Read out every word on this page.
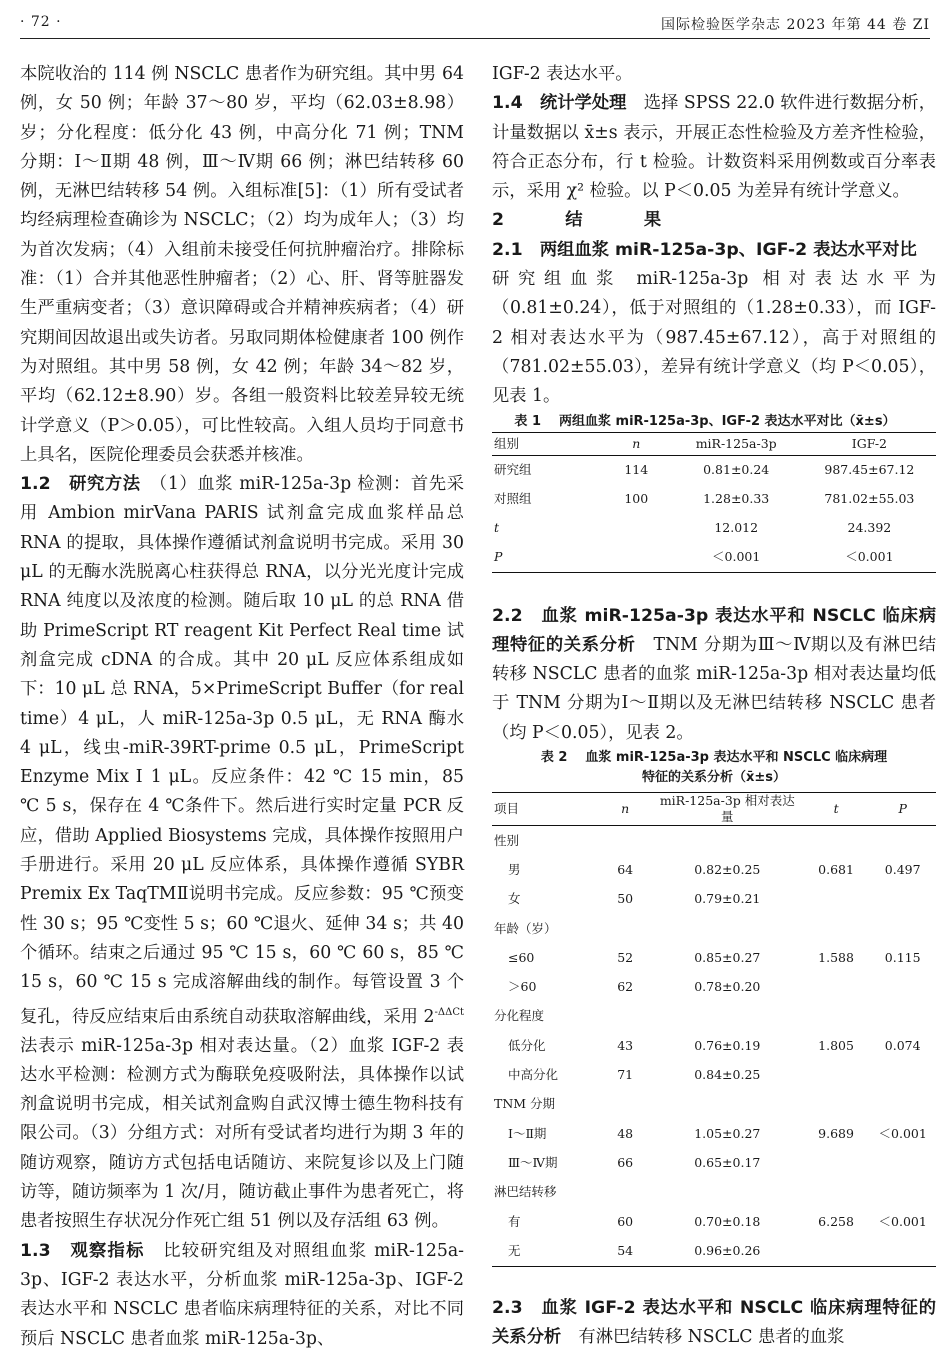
· 72 ·	国际检验医学杂志 2023 年第 44 卷 ZⅠ

本院收治的 114 例 NSCLC 患者作为研究组。其中男 64 例，女 50 例；年龄 37～80 岁，平均（62.03±8.98）岁；分化程度：低分化 43 例，中高分化 71 例；TNM 分期：Ⅰ～Ⅱ期 48 例，Ⅲ～Ⅳ期 66 例；淋巴结转移 60 例，无淋巴结转移 54 例。入组标准[5]：（1）所有受试者均经病理检查确诊为 NSCLC；（2）均为成年人；（3）均为首次发病；（4）入组前未接受任何抗肿瘤治疗。排除标准：（1）合并其他恶性肿瘤者；（2）心、肝、肾等脏器发生严重病变者；（3）意识障碍或合并精神疾病者；（4）研究期间因故退出或失访者。另取同期体检健康者 100 例作为对照组。其中男 58 例，女 42 例；年龄 34～82 岁，平均（62.12±8.90）岁。各组一般资料比较差异较无统计学意义（P＞0.05），可比性较高。入组人员均于同意书上具名，医院伦理委员会获悉并核准。

1.2　研究方法　（1）血浆 miR-125a-3p 检测：首先采用 Ambion mirVana PARIS 试剂盒完成血浆样品总 RNA 的提取，具体操作遵循试剂盒说明书完成。采用 30 μL 的无酶水洗脱离心柱获得总 RNA，以分光光度计完成 RNA 纯度以及浓度的检测。随后取 10 μL 的总 RNA 借助 PrimeScript RT reagent Kit Perfect Real time 试剂盒完成 cDNA 的合成。其中 20 μL 反应体系组成如下：10 μL 总 RNA，5×PrimeScript Buffer（for real time）4 μL，人 miR-125a-3p 0.5 μL，无 RNA 酶水 4 μL，线虫-miR-39RT-prime 0.5 μL，PrimeScript Enzyme Mix Ⅰ 1 μL。反应条件：42 ℃ 15 min，85 ℃ 5 s，保存在 4 ℃条件下。然后进行实时定量 PCR 反应，借助 Applied Biosystems 完成，具体操作按照用户手册进行。采用 20 μL 反应体系，具体操作遵循 SYBR Premix Ex TaqTMⅡ说明书完成。反应参数：95 ℃预变性 30 s；95 ℃变性 5 s；60 ℃退火、延伸 34 s；共 40 个循环。结束之后通过 95 ℃ 15 s，60 ℃ 60 s，85 ℃ 15 s，60 ℃ 15 s 完成溶解曲线的制作。每管设置 3 个复孔，待反应结束后由系统自动获取溶解曲线，采用 $2^{-\Delta\Delta Ct}$ 法表示 miR-125a-3p 相对表达量。（2）血浆 IGF-2 表达水平检测：检测方式为酶联免疫吸附法，具体操作以试剂盒说明书完成，相关试剂盒购自武汉博士德生物科技有限公司。（3）分组方式：对所有受试者均进行为期 3 年的随访观察，随访方式包括电话随访、来院复诊以及上门随访等，随访频率为 1 次/月，随访截止事件为患者死亡，将患者按照生存状况分作死亡组 51 例以及存活组 63 例。

1.3　观察指标　比较研究组及对照组血浆 miR-125a-3p、IGF-2 表达水平，分析血浆 miR-125a-3p、IGF-2 表达水平和 NSCLC 患者临床病理特征的关系，对比不同预后 NSCLC 患者血浆 miR-125a-3p、

IGF-2 表达水平。

1.4　统计学处理　选择 SPSS 22.0 软件进行数据分析，计量数据以 x̄±s 表示，开展正态性检验及方差齐性检验，符合正态分布，行 t 检验。计数资料采用例数或百分率表示，采用 χ² 检验。以 P＜0.05 为差异有统计学意义。

2　结　果

2.1　两组血浆 miR-125a-3p、IGF-2 表达水平对比

研究组血浆 miR-125a-3p 相对表达水平为（0.81±0.24），低于对照组的（1.28±0.33），而 IGF-2 相对表达水平为（987.45±67.12），高于对照组的（781.02±55.03），差异有统计学意义（均 P＜0.05），见表 1。

表 1 两组血浆 miR-125a-3p、IGF-2 表达水平对比（x̄±s）

组别	n	miR-125a-3p	IGF-2
研究组	114	0.81±0.24	987.45±67.12
对照组	100	1.28±0.33	781.02±55.03
t		12.012	24.392
P		＜0.001	＜0.001

2.2　血浆 miR-125a-3p 表达水平和 NSCLC 临床病理特征的关系分析　TNM 分期为Ⅲ～Ⅳ期以及有淋巴结转移 NSCLC 患者的血浆 miR-125a-3p 相对表达量均低于 TNM 分期为Ⅰ～Ⅱ期以及无淋巴结转移 NSCLC 患者（均 P＜0.05），见表 2。

表 2 血浆 miR-125a-3p 表达水平和 NSCLC 临床病理

特征的关系分析（x̄±s）

项目	n	miR-125a-3p 相对表达量	t	P
性别				
男	64	0.82±0.25	0.681	0.497
女	50	0.79±0.21		
年龄（岁）				
≤60	52	0.85±0.27	1.588	0.115
＞60	62	0.78±0.20		
分化程度				
低分化	43	0.76±0.19	1.805	0.074
中高分化	71	0.84±0.25		
TNM 分期				
Ⅰ～Ⅱ期	48	1.05±0.27	9.689	＜0.001
Ⅲ～Ⅳ期	66	0.65±0.17		
淋巴结转移				
有	60	0.70±0.18	6.258	＜0.001
无	54	0.96±0.26		

2.3　血浆 IGF-2 表达水平和 NSCLC 临床病理特征的关系分析　有淋巴结转移 NSCLC 患者的血浆
